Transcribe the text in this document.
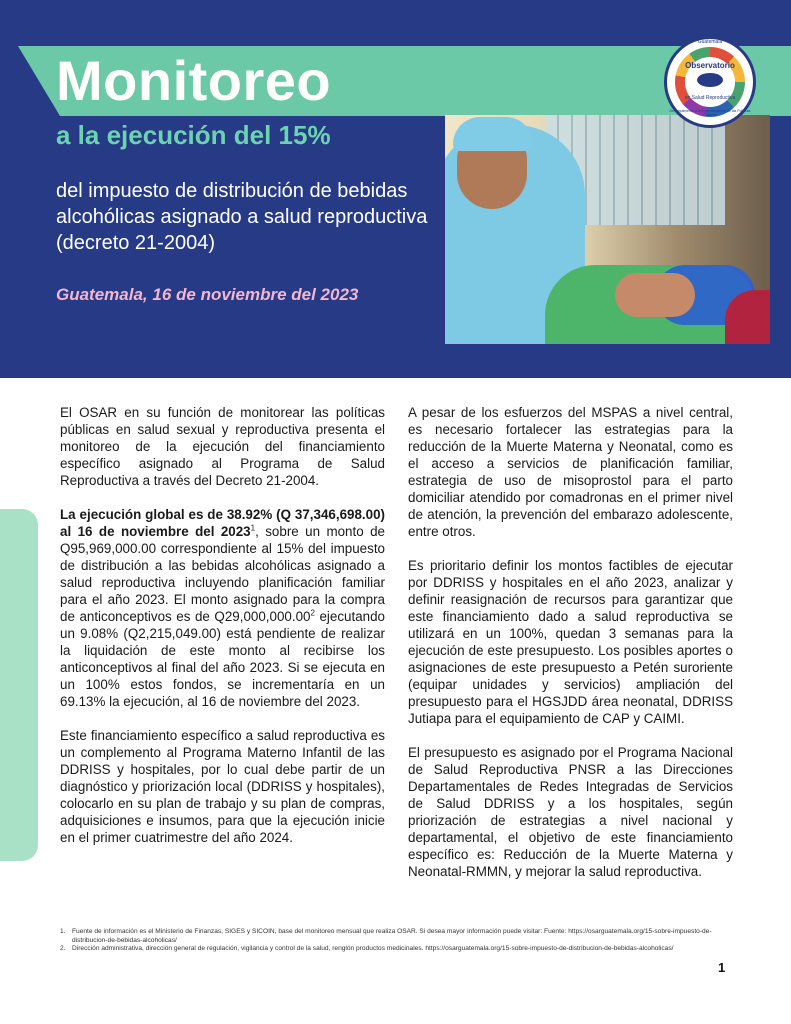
Monitoreo
a la ejecución del 15%
del impuesto de distribución de bebidas alcohólicas asignado a salud reproductiva (decreto 21-2004)
Guatemala, 16 de noviembre del 2023
Guatemala
Observatorio
en Salud Reproductiva
De seguimiento a la implementación de las Políticas Públicas

El OSAR en su función de monitorear las políticas públicas en salud sexual y reproductiva presenta el monitoreo de la ejecución del financiamiento específico asignado al Programa de Salud Reproductiva a través del Decreto 21-2004.

La ejecución global es de 38.92% (Q 37,346,698.00) al 16 de noviembre del 2023$^1$, sobre un monto de Q95,969,000.00 correspondiente al 15% del impuesto de distribución a las bebidas alcohólicas asignado a salud reproductiva incluyendo planificación familiar para el año 2023. El monto asignado para la compra de anticonceptivos es de Q29,000,000.00$^2$ ejecutando un 9.08% (Q2,215,049.00) está pendiente de realizar la liquidación de este monto al recibirse los anticonceptivos al final del año 2023. Si se ejecuta en un 100% estos fondos, se incrementaría en un 69.13% la ejecución, al 16 de noviembre del 2023.

Este financiamiento específico a salud reproductiva es un complemento al Programa Materno Infantil de las DDRISS y hospitales, por lo cual debe partir de un diagnóstico y priorización local (DDRISS y hospitales), colocarlo en su plan de trabajo y su plan de compras, adquisiciones e insumos, para que la ejecución inicie en el primer cuatrimestre del año 2024.

A pesar de los esfuerzos del MSPAS a nivel central, es necesario fortalecer las estrategias para la reducción de la Muerte Materna y Neonatal, como es el acceso a servicios de planificación familiar, estrategia de uso de misoprostol para el parto domiciliar atendido por comadronas en el primer nivel de atención, la prevención del embarazo adolescente, entre otros.

Es prioritario definir los montos factibles de ejecutar por DDRISS y hospitales en el año 2023, analizar y definir reasignación de recursos para garantizar que este financiamiento dado a salud reproductiva se utilizará en un 100%, quedan 3 semanas para la ejecución de este presupuesto. Los posibles aportes o asignaciones de este presupuesto a Petén suroriente (equipar unidades y servicios) ampliación del presupuesto para el HGSJDD área neonatal, DDRISS Jutiapa para el equipamiento de CAP y CAIMI.

El presupuesto es asignado por el Programa Nacional de Salud Reproductiva PNSR a las Direcciones Departamentales de Redes Integradas de Servicios de Salud DDRISS y a los hospitales, según priorización de estrategias a nivel nacional y departamental, el objetivo de este financiamiento específico es: Reducción de la Muerte Materna y Neonatal-RMMN, y mejorar la salud reproductiva.

1. Fuente de información es el Ministerio de Finanzas, SIGES y SICOIN, base del monitoreo mensual que realiza OSAR. Si desea mayor información puede visitar: Fuente: https://osarguatemala.org/15-sobre-impuesto-de-distribucion-de-bebidas-alcoholicas/
2. Dirección administrativa, dirección general de regulación, vigilancia y control de la salud, renglón productos medicinales. https://osarguatemala.org/15-sobre-impuesto-de-distribucion-de-bebidas-alcoholicas/
1
